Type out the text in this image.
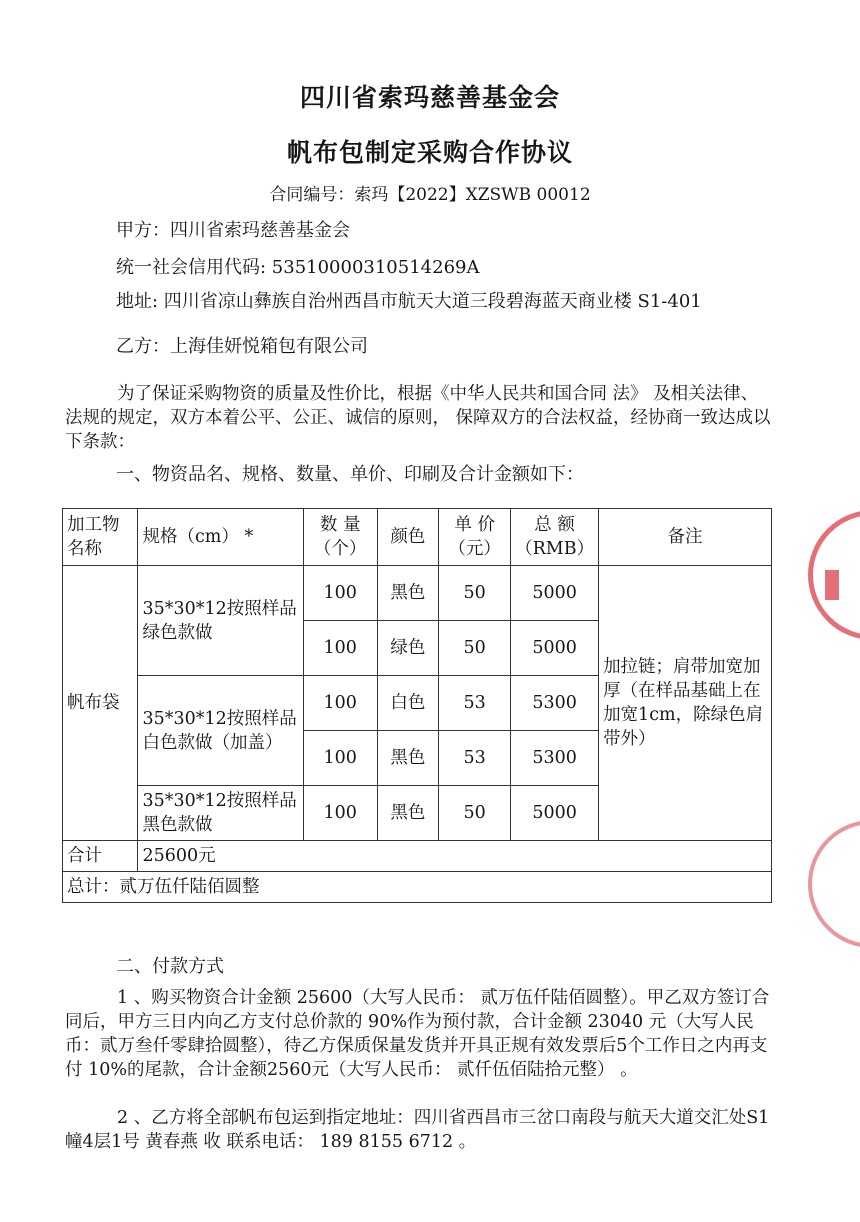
四川省索玛慈善基金会
帆布包制定采购合作协议
合同编号：索玛【2022】XZSWB 00012
甲方：四川省索玛慈善基金会
统一社会信用代码: 53510000310514269A
地址: 四川省凉山彝族自治州西昌市航天大道三段碧海蓝天商业楼 S1-401
乙方：上海佳妍悦箱包有限公司

为了保证采购物资的质量及性价比，根据《中华人民共和国合同 法》 及相关法律、法规的规定，双方本着公平、公正、诚信的原则， 保障双方的合法权益，经协商一致达成以下条款：

一、物资品名、规格、数量、单价、印刷及合计金额如下：
加工物名称	规格（cm） *	数 量（个）	颜色	单 价（元）	总 额（RMB）	备注
帆布袋	35*30*12按照样品绿色款做	100	黑色	50	5000	加拉链；肩带加宽加厚（在样品基础上在加宽1cm，除绿色肩带外）
		100	绿色	50	5000	
	35*30*12按照样品白色款做（加盖）	100	白色	53	5300	
		100	黑色	53	5300	
	35*30*12按照样品黑色款做	100	黑色	50	5000	
合计	25600元					
总计：贰万伍仟陆佰圆整						
二、付款方式

1 、购买物资合计金额 25600（大写人民币： 贰万伍仟陆佰圆整）。甲乙双方签订合同后，甲方三日内向乙方支付总价款的 90%作为预付款，合计金额 23040 元（大写人民币：贰万叁仟零肆拾圆整），待乙方保质保量发货并开具正规有效发票后5个工作日之内再支付 10%的尾款，合计金额2560元（大写人民币： 贰仟伍佰陆拾元整） 。

2 、乙方将全部帆布包运到指定地址：四川省西昌市三岔口南段与航天大道交汇处S1幢4层1号 黄春燕 收 联系电话： 189 8155 6712 。
